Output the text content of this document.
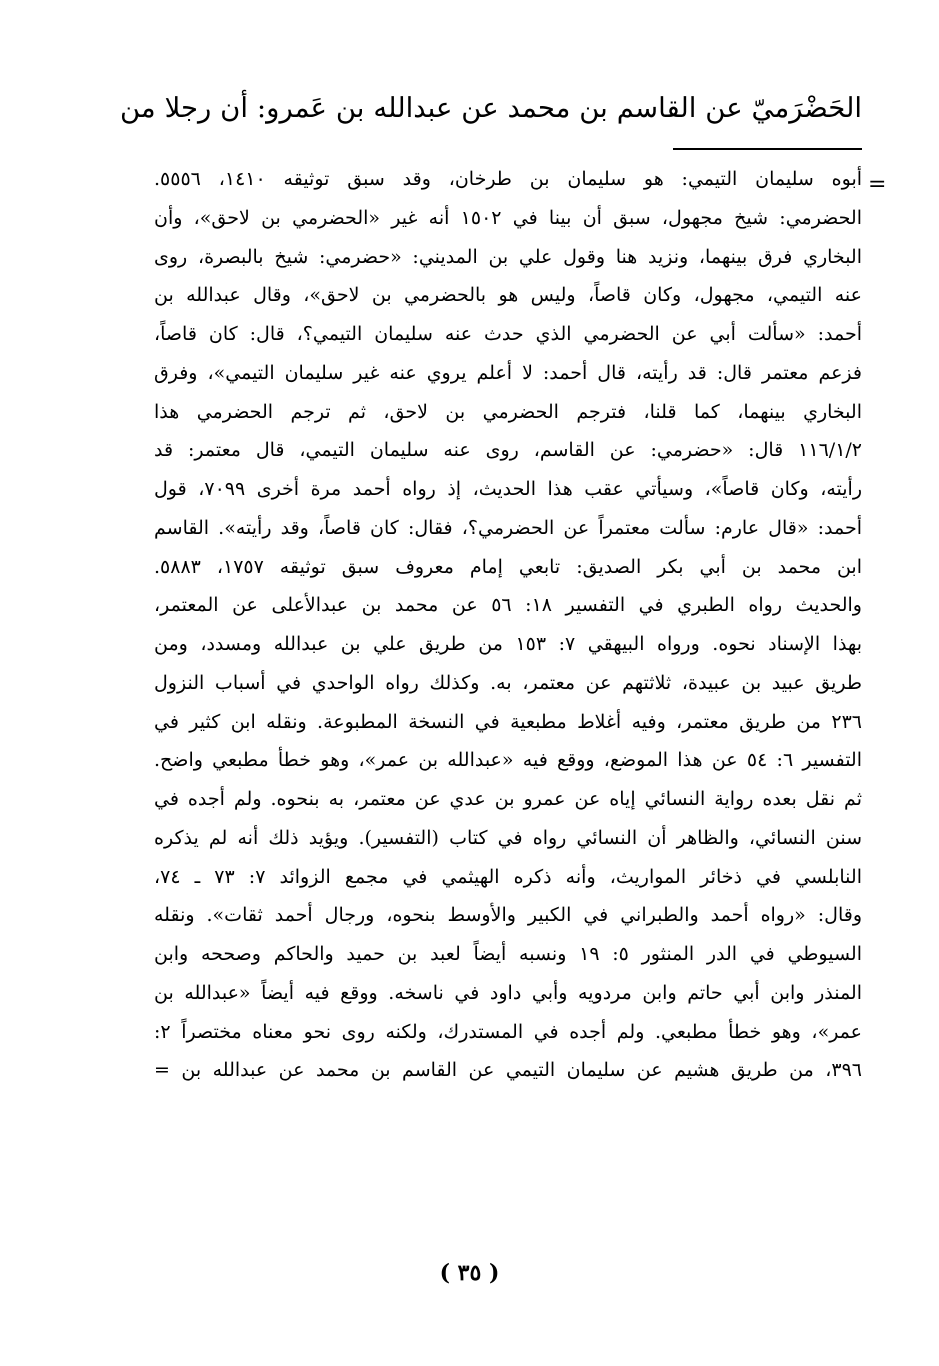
الحَضْرَميّ عن القاسم بن محمد عن عبدالله بن عَمرو: أن رجلا من
=
أبوه سليمان التيمي: هو سليمان بن طرخان، وقد سبق توثيقه ١٤١٠، ٥٥٥٦.
الحضرمي: شيخ مجهول، سبق أن بينا في ١٥٠٢ أنه غير «الحضرمي بن لاحق»، وأن
البخاري فرق بينهما، ونزيد هنا وقول علي بن المديني: «حضرمي: شيخ بالبصرة، روى
عنه التيمي، مجهول، وكان قاصاً، وليس هو بالحضرمي بن لاحق»، وقال عبدالله بن
أحمد: «سألت أبي عن الحضرمي الذي حدث عنه سليمان التيمي؟، قال: كان قاصاً،
فزعم معتمر قال: قد رأيته، قال أحمد: لا أعلم يروي عنه غير سليمان التيمي»، وفرق
البخاري بينهما، كما قلنا، فترجم الحضرمي بن لاحق، ثم ترجم الحضرمي هذا
١١٦/١/٢ قال: «حضرمي: عن القاسم، روى عنه سليمان التيمي، قال معتمر: قد
رأيته، وكان قاصاً»، وسيأتي عقب هذا الحديث، إذ رواه أحمد مرة أخرى ٧٠٩٩، قول
أحمد: «قال عارم: سألت معتمراً عن الحضرمي؟، فقال: كان قاصاً، وقد رأيته». القاسم
ابن محمد بن أبي بكر الصديق: تابعي إمام معروف سبق توثيقه ١٧٥٧، ٥٨٨٣.
والحديث رواه الطبري في التفسير ١٨: ٥٦ عن محمد بن عبدالأعلى عن المعتمر،
بهذا الإسناد نحوه. ورواه البيهقي ٧: ١٥٣ من طريق علي بن عبدالله ومسدد، ومن
طريق عبيد بن عبيدة، ثلاثتهم عن معتمر، به. وكذلك رواه الواحدي في أسباب النزول
٢٣٦ من طريق معتمر، وفيه أغلاط مطبعية في النسخة المطبوعة. ونقله ابن كثير في
التفسير ٦: ٥٤ عن هذا الموضع، ووقع فيه «عبدالله بن عمر»، وهو خطأ مطبعي واضح.
ثم نقل بعده رواية النسائي إياه عن عمرو بن عدي عن معتمر، به بنحوه. ولم أجده في
سنن النسائي، والظاهر أن النسائي رواه في كتاب (التفسير). ويؤيد ذلك أنه لم يذكره
النابلسي في ذخائر المواريث، وأنه ذكره الهيثمي في مجمع الزوائد ٧: ٧٣ ـ ٧٤،
وقال: «رواه أحمد والطبراني في الكبير والأوسط بنحوه، ورجال أحمد ثقات». ونقله
السيوطي في الدر المنثور ٥: ١٩ ونسبه أيضاً لعبد بن حميد والحاكم وصححه وابن
المنذر وابن أبي حاتم وابن مردويه وأبي داود في ناسخه. ووقع فيه أيضاً «عبدالله بن
عمر»، وهو خطأ مطبعي. ولم أجده في المستدرك، ولكنه روى نحو معناه مختصراً ٢:
٣٩٦، من طريق هشيم عن سليمان التيمي عن القاسم بن محمد عن عبدالله بن =
( ٣٥ )
